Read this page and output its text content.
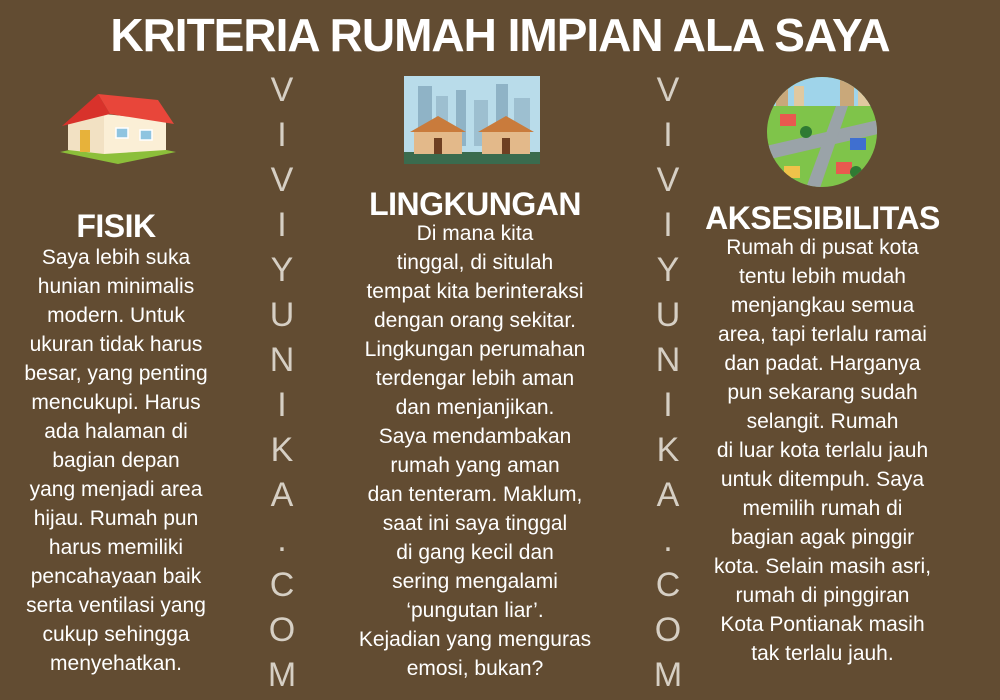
KRITERIA RUMAH IMPIAN ALA SAYA
FISIK
Saya lebih suka
hunian minimalis
modern. Untuk
ukuran tidak harus
besar, yang penting
mencukupi. Harus
ada halaman di
bagian depan
yang menjadi area
hijau. Rumah pun
harus memiliki
pencahayaan baik
serta ventilasi yang
cukup sehingga
menyehatkan.
V
I
V
I
Y
U
N
I
K
A
.
C
O
M
LINGKUNGAN
Di mana kita
tinggal, di situlah
tempat kita berinteraksi
dengan orang sekitar.
Lingkungan perumahan
terdengar lebih aman
dan menjanjikan.
Saya mendambakan
rumah yang aman
dan tenteram. Maklum,
saat ini saya tinggal
di gang kecil dan
sering mengalami
‘pungutan liar’.
Kejadian yang menguras
emosi, bukan?
V
I
V
I
Y
U
N
I
K
A
.
C
O
M
AKSESIBILITAS
Rumah di pusat kota
tentu lebih mudah
menjangkau semua
area, tapi terlalu ramai
dan padat. Harganya
pun sekarang sudah
selangit. Rumah
di luar kota terlalu jauh
untuk ditempuh. Saya
memilih rumah di
bagian agak pinggir
kota. Selain masih asri,
rumah di pinggiran
Kota Pontianak masih
tak terlalu jauh.
